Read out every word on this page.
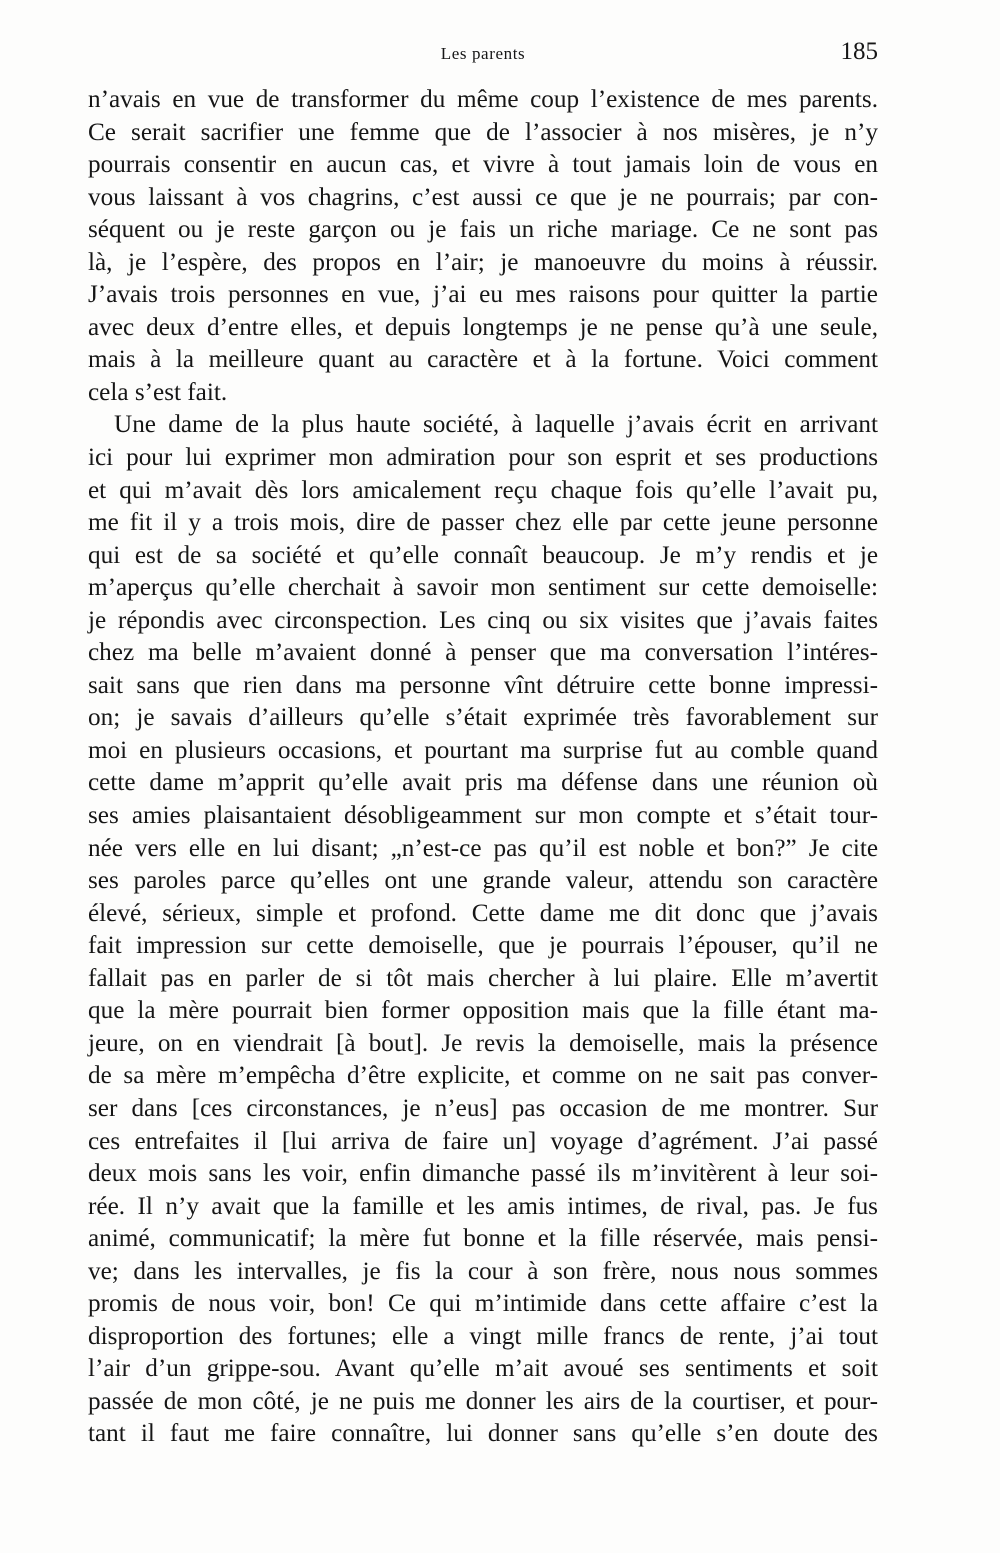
Les parents	185
n’avais en vue de transformer du même coup l’existence de mes parents.
Ce serait sacrifier une femme que de l’associer à nos misères, je n’y
pourrais consentir en aucun cas, et vivre à tout jamais loin de vous en
vous laissant à vos chagrins, c’est aussi ce que je ne pourrais; par con-
séquent ou je reste garçon ou je fais un riche mariage. Ce ne sont pas
là, je l’espère, des propos en l’air; je manoeuvre du moins à réussir.
J’avais trois personnes en vue, j’ai eu mes raisons pour quitter la partie
avec deux d’entre elles, et depuis longtemps je ne pense qu’à une seule,
mais à la meilleure quant au caractère et à la fortune. Voici comment
cela s’est fait.
Une dame de la plus haute société, à laquelle j’avais écrit en arrivant
ici pour lui exprimer mon admiration pour son esprit et ses productions
et qui m’avait dès lors amicalement reçu chaque fois qu’elle l’avait pu,
me fit il y a trois mois, dire de passer chez elle par cette jeune personne
qui est de sa société et qu’elle connaît beaucoup. Je m’y rendis et je
m’aperçus qu’elle cherchait à savoir mon sentiment sur cette demoiselle:
je répondis avec circonspection. Les cinq ou six visites que j’avais faites
chez ma belle m’avaient donné à penser que ma conversation l’intéres-
sait sans que rien dans ma personne vînt détruire cette bonne impressi-
on; je savais d’ailleurs qu’elle s’était exprimée très favorablement sur
moi en plusieurs occasions, et pourtant ma surprise fut au comble quand
cette dame m’apprit qu’elle avait pris ma défense dans une réunion où
ses amies plaisantaient désobligeamment sur mon compte et s’était tour-
née vers elle en lui disant; „n’est-ce pas qu’il est noble et bon?” Je cite
ses paroles parce qu’elles ont une grande valeur, attendu son caractère
élevé, sérieux, simple et profond. Cette dame me dit donc que j’avais
fait impression sur cette demoiselle, que je pourrais l’épouser, qu’il ne
fallait pas en parler de si tôt mais chercher à lui plaire. Elle m’avertit
que la mère pourrait bien former opposition mais que la fille étant ma-
jeure, on en viendrait [à bout]. Je revis la demoiselle, mais la présence
de sa mère m’empêcha d’être explicite, et comme on ne sait pas conver-
ser dans [ces circonstances, je n’eus] pas occasion de me montrer. Sur
ces entrefaites il [lui arriva de faire un] voyage d’agrément. J’ai passé
deux mois sans les voir, enfin dimanche passé ils m’invitèrent à leur soi-
rée. Il n’y avait que la famille et les amis intimes, de rival, pas. Je fus
animé, communicatif; la mère fut bonne et la fille réservée, mais pensi-
ve; dans les intervalles, je fis la cour à son frère, nous nous sommes
promis de nous voir, bon! Ce qui m’intimide dans cette affaire c’est la
disproportion des fortunes; elle a vingt mille francs de rente, j’ai tout
l’air d’un grippe-sou. Avant qu’elle m’ait avoué ses sentiments et soit
passée de mon côté, je ne puis me donner les airs de la courtiser, et pour-
tant il faut me faire connaître, lui donner sans qu’elle s’en doute des
